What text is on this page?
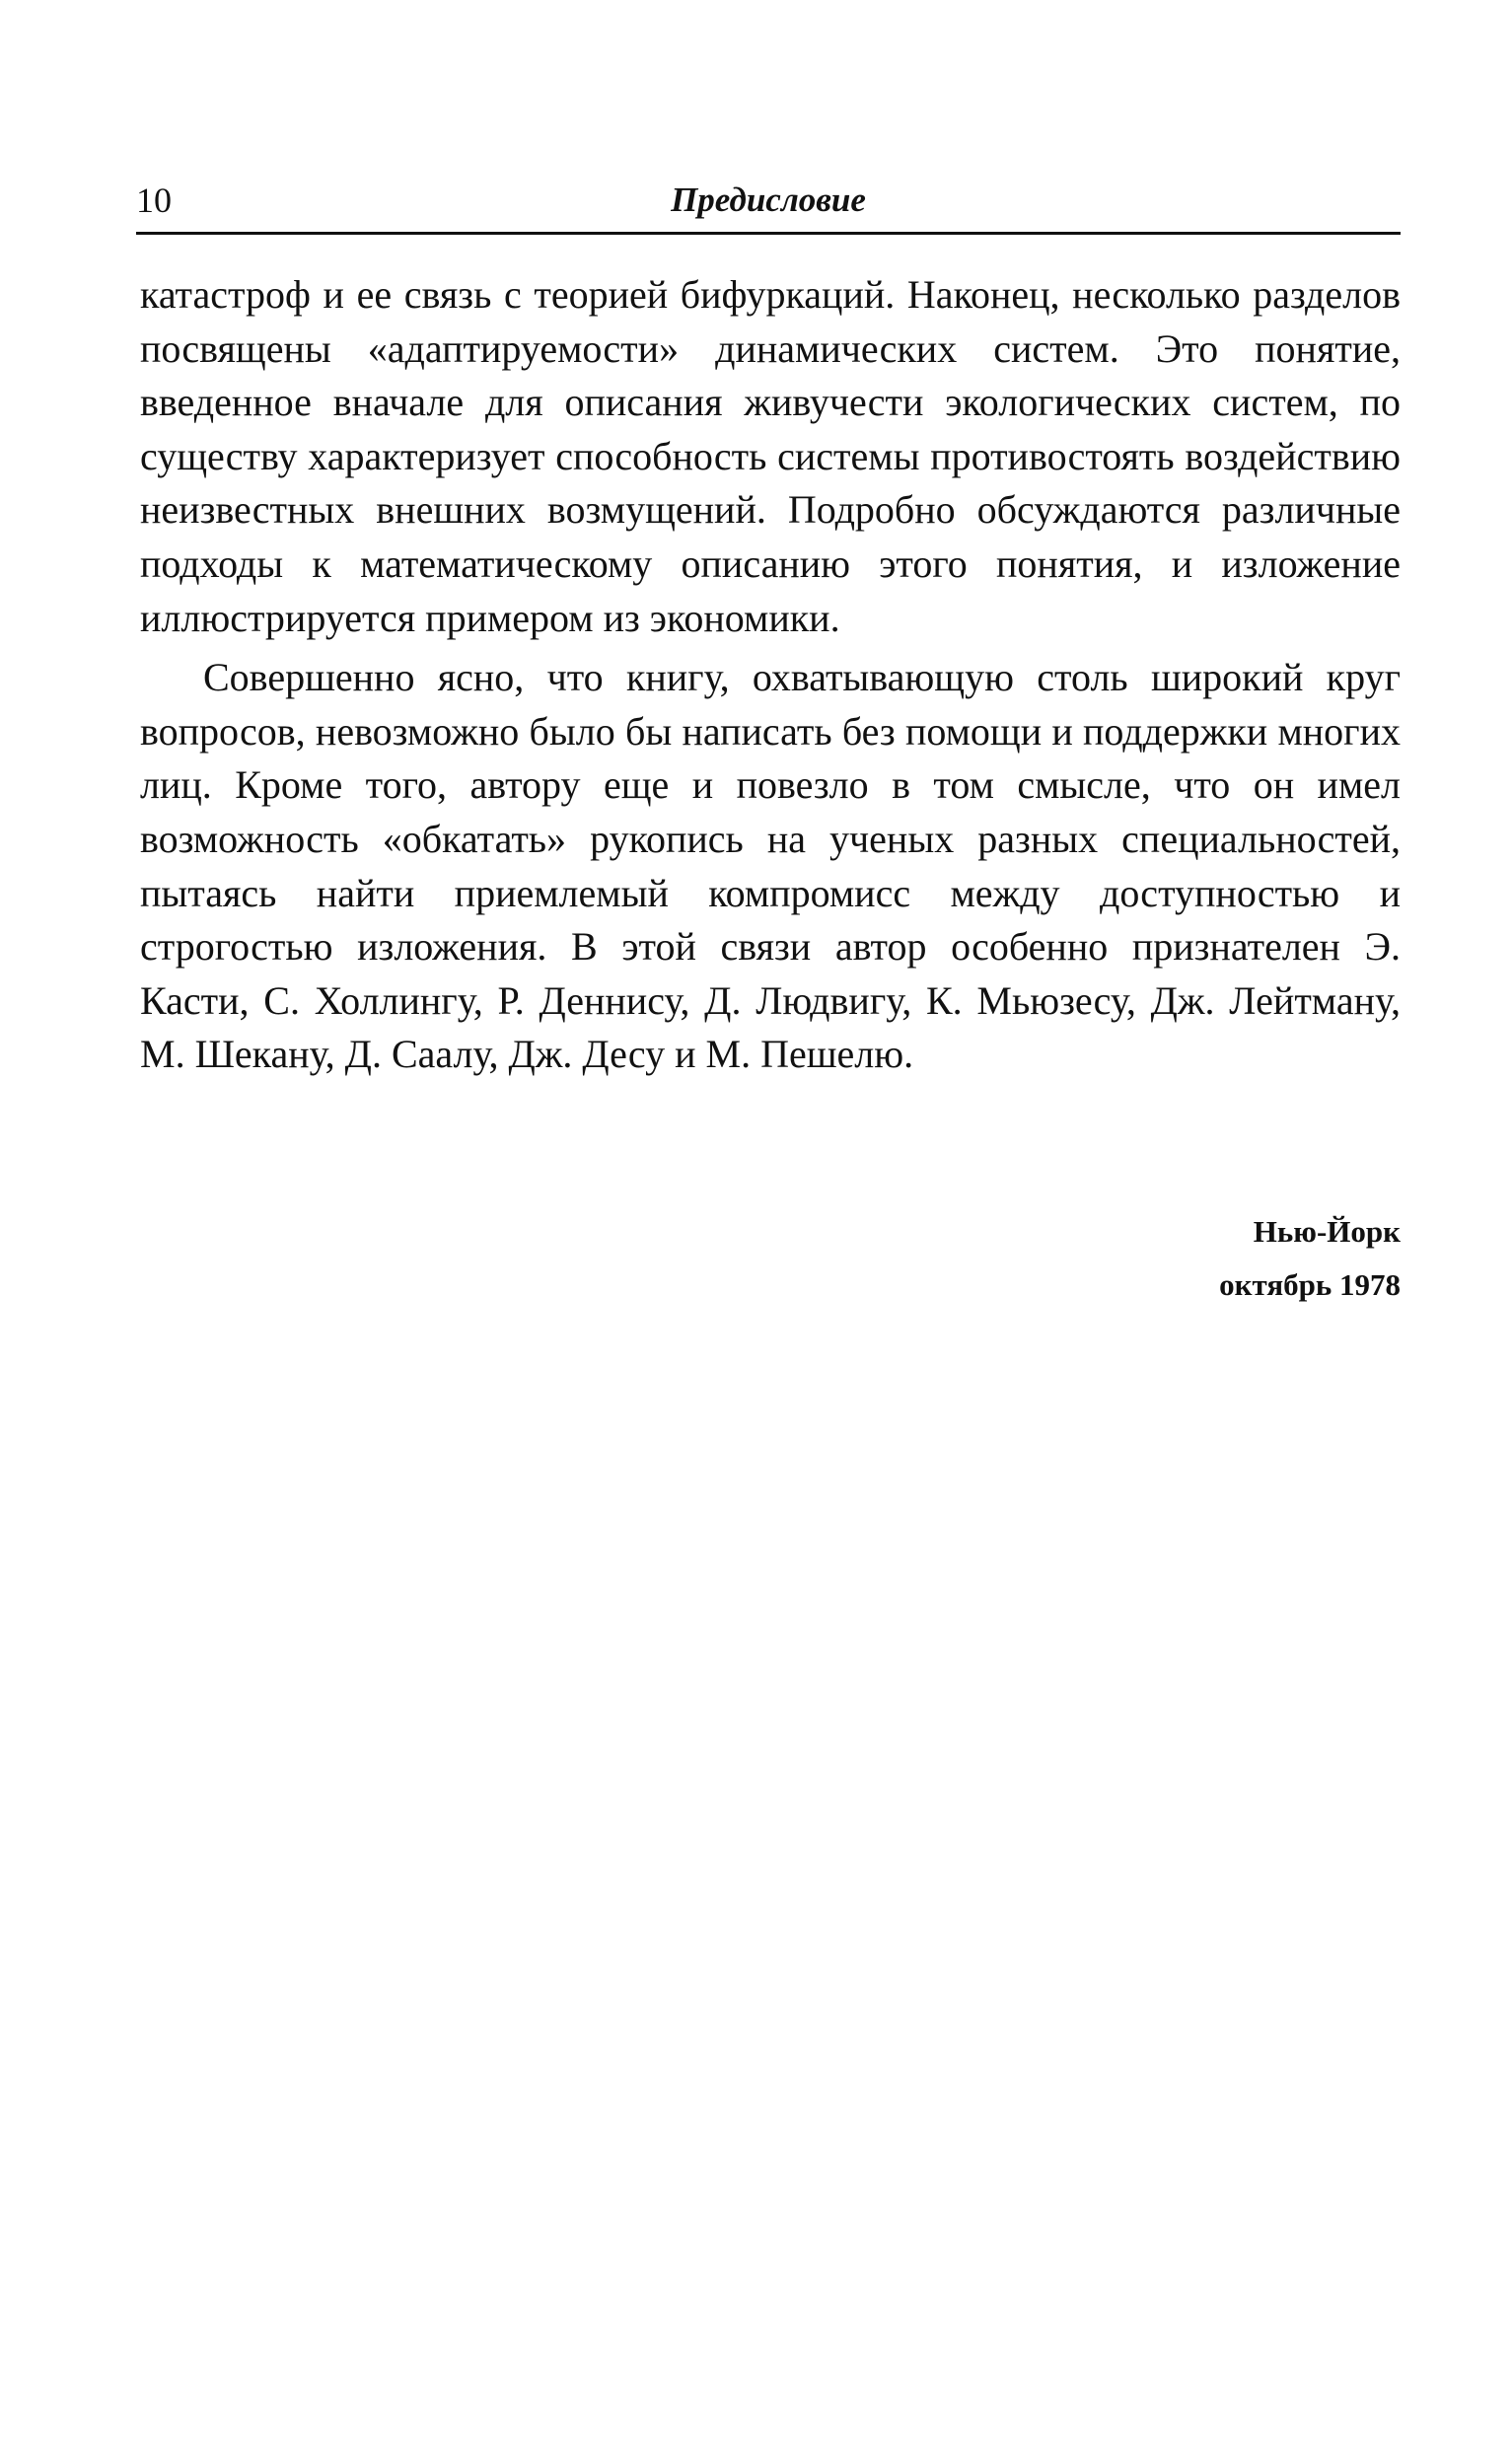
10	Предисловие

катастроф и ее связь с теорией бифуркаций. Наконец, несколько разделов посвящены «адаптируемости» динамических систем. Это понятие, введенное вначале для описания живучести экологических систем, по существу характеризует способность системы противостоять воздействию неизвестных внешних возмущений. Подробно обсуждаются различные подходы к математическому описанию этого понятия, и изложение иллюстрируется примером из экономики.

Совершенно ясно, что книгу, охватывающую столь широкий круг вопросов, невозможно было бы написать без помощи и поддержки многих лиц. Кроме того, автору еще и повезло в том смысле, что он имел возможность «обкатать» рукопись на ученых разных специальностей, пытаясь найти приемлемый компромисс между доступностью и строгостью изложения. В этой связи автор особенно признателен Э. Касти, С. Холлингу, Р. Деннису, Д. Людвигу, К. Мьюзесу, Дж. Лейтману, М. Шекану, Д. Саалу, Дж. Десу и М. Пешелю.

Нью-Йорк
октябрь 1978
